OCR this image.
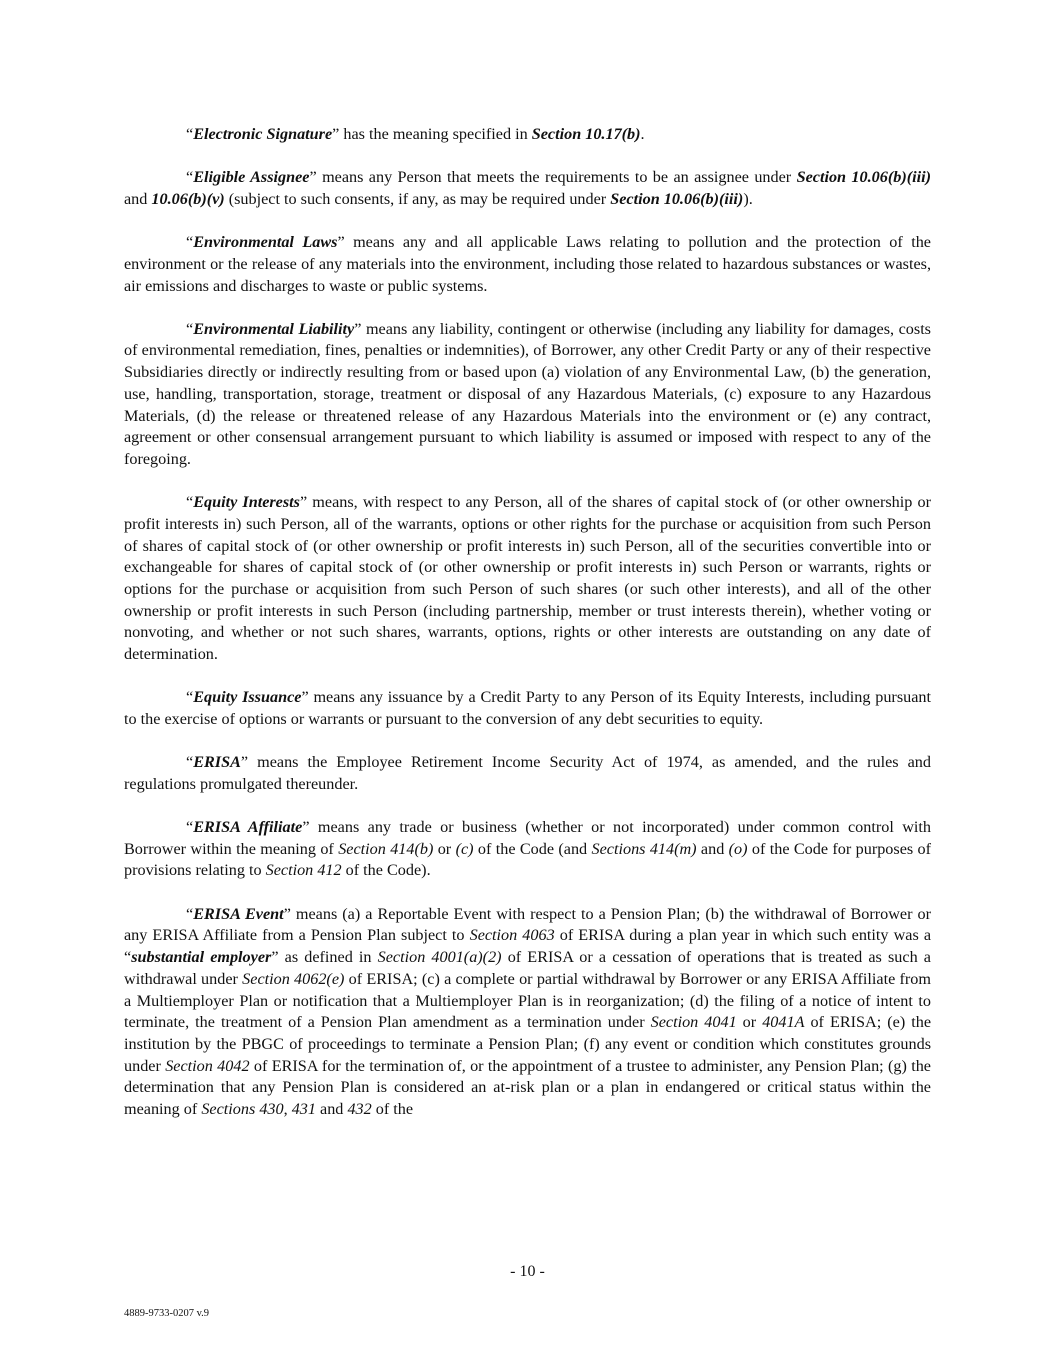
“Electronic Signature” has the meaning specified in Section 10.17(b).

“Eligible Assignee” means any Person that meets the requirements to be an assignee under Section 10.06(b)(iii) and 10.06(b)(v) (subject to such consents, if any, as may be required under Section 10.06(b)(iii)).

“Environmental Laws” means any and all applicable Laws relating to pollution and the protection of the environment or the release of any materials into the environment, including those related to hazardous substances or wastes, air emissions and discharges to waste or public systems.

“Environmental Liability” means any liability, contingent or otherwise (including any liability for damages, costs of environmental remediation, fines, penalties or indemnities), of Borrower, any other Credit Party or any of their respective Subsidiaries directly or indirectly resulting from or based upon (a) violation of any Environmental Law, (b) the generation, use, handling, transportation, storage, treatment or disposal of any Hazardous Materials, (c) exposure to any Hazardous Materials, (d) the release or threatened release of any Hazardous Materials into the environment or (e) any contract, agreement or other consensual arrangement pursuant to which liability is assumed or imposed with respect to any of the foregoing.

“Equity Interests” means, with respect to any Person, all of the shares of capital stock of (or other ownership or profit interests in) such Person, all of the warrants, options or other rights for the purchase or acquisition from such Person of shares of capital stock of (or other ownership or profit interests in) such Person, all of the securities convertible into or exchangeable for shares of capital stock of (or other ownership or profit interests in) such Person or warrants, rights or options for the purchase or acquisition from such Person of such shares (or such other interests), and all of the other ownership or profit interests in such Person (including partnership, member or trust interests therein), whether voting or nonvoting, and whether or not such shares, warrants, options, rights or other interests are outstanding on any date of determination.

“Equity Issuance” means any issuance by a Credit Party to any Person of its Equity Interests, including pursuant to the exercise of options or warrants or pursuant to the conversion of any debt securities to equity.

“ERISA” means the Employee Retirement Income Security Act of 1974, as amended, and the rules and regulations promulgated thereunder.

“ERISA Affiliate” means any trade or business (whether or not incorporated) under common control with Borrower within the meaning of Section 414(b) or (c) of the Code (and Sections 414(m) and (o) of the Code for purposes of provisions relating to Section 412 of the Code).

“ERISA Event” means (a) a Reportable Event with respect to a Pension Plan; (b) the withdrawal of Borrower or any ERISA Affiliate from a Pension Plan subject to Section 4063 of ERISA during a plan year in which such entity was a “substantial employer” as defined in Section 4001(a)(2) of ERISA or a cessation of operations that is treated as such a withdrawal under Section 4062(e) of ERISA; (c) a complete or partial withdrawal by Borrower or any ERISA Affiliate from a Multiemployer Plan or notification that a Multiemployer Plan is in reorganization; (d) the filing of a notice of intent to terminate, the treatment of a Pension Plan amendment as a termination under Section 4041 or 4041A of ERISA; (e) the institution by the PBGC of proceedings to terminate a Pension Plan; (f) any event or condition which constitutes grounds under Section 4042 of ERISA for the termination of, or the appointment of a trustee to administer, any Pension Plan; (g) the determination that any Pension Plan is considered an at-risk plan or a plan in endangered or critical status within the meaning of Sections 430, 431 and 432 of the

- 10 -
4889-9733-0207 v.9
